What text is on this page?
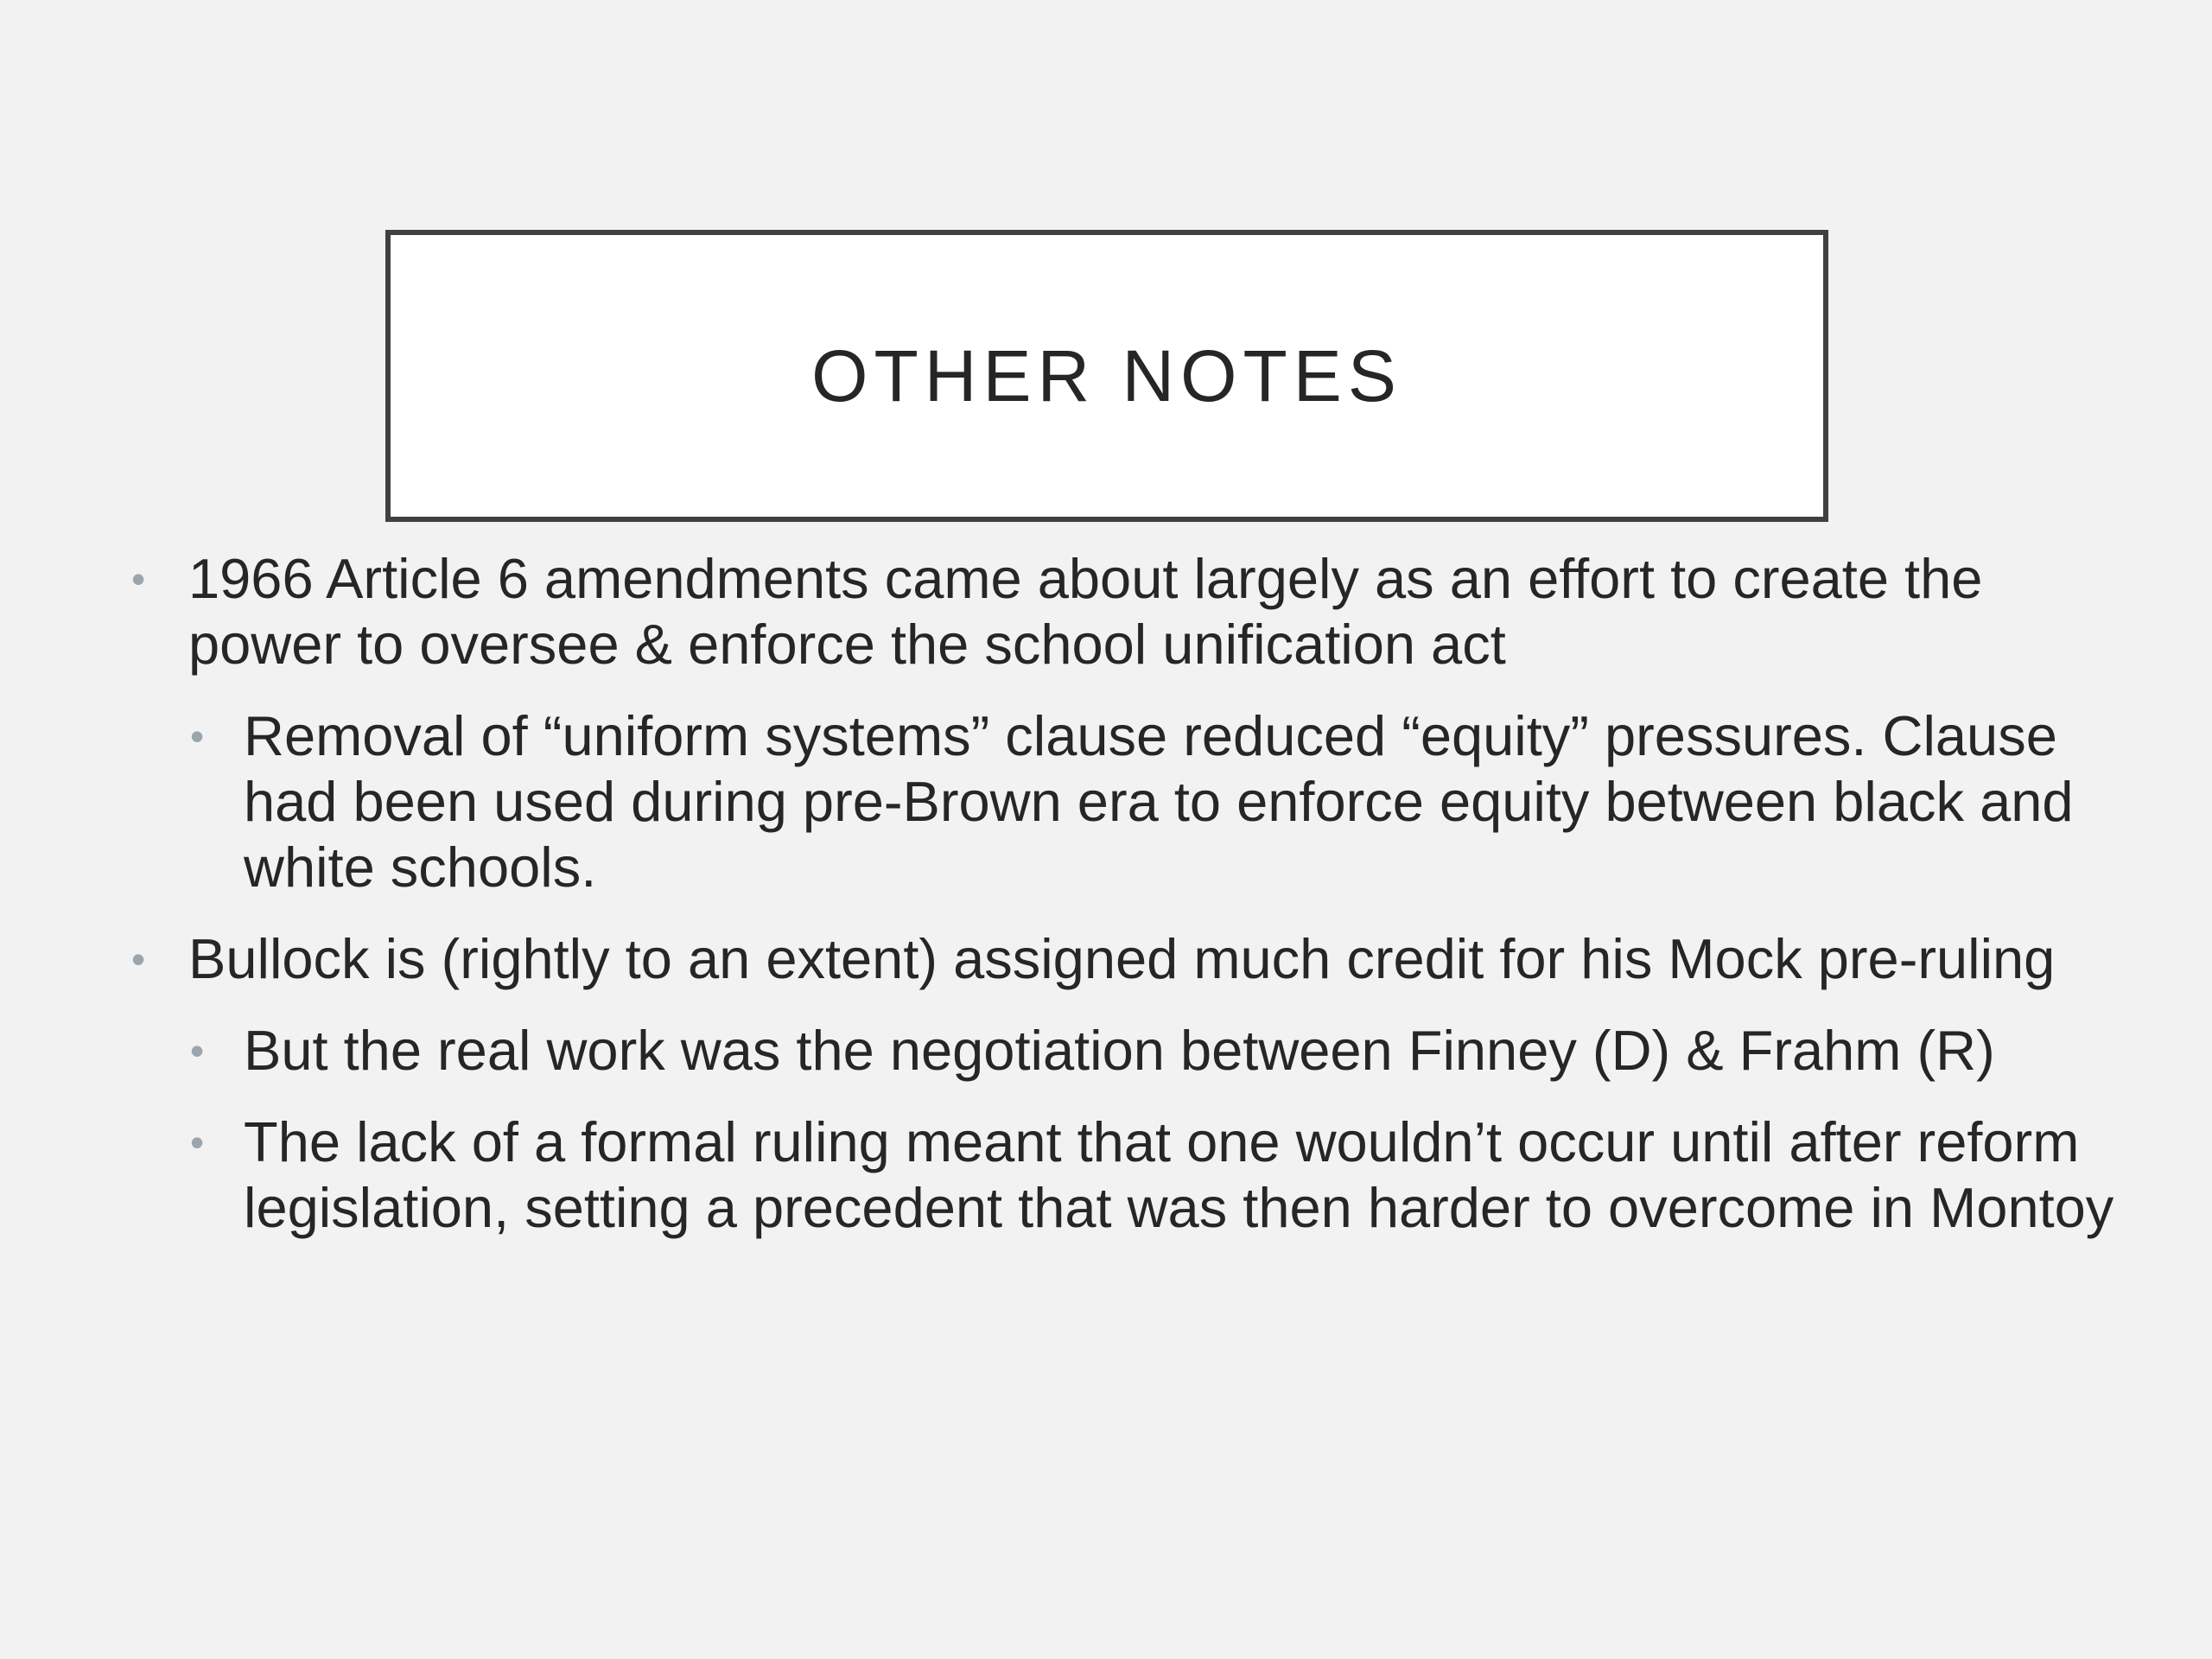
OTHER NOTES
• 1966 Article 6 amendments came about largely as an effort to create the power to oversee & enforce the school unification act
• Removal of “uniform systems” clause reduced “equity” pressures. Clause had been used during pre-Brown era to enforce equity between black and white schools.
• Bullock is (rightly to an extent) assigned much credit for his Mock pre-ruling
• But the real work was the negotiation between Finney (D) & Frahm (R)
• The lack of a formal ruling meant that one wouldn’t occur until after reform legislation, setting a precedent that was then harder to overcome in Montoy
